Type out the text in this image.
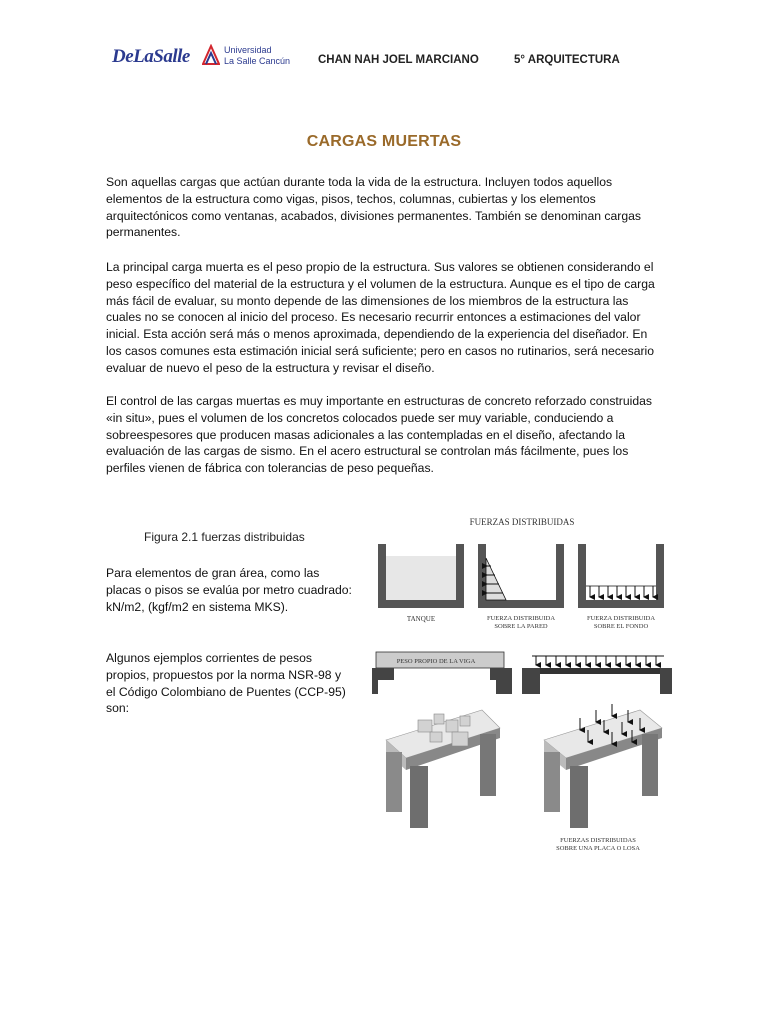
DeLaSalle	Universidad
La Salle Cancún CHAN NAH JOEL MARCIANO	5° ARQUITECTURA
CARGAS MUERTAS

Son aquellas cargas que actúan durante toda la vida de la estructura. Incluyen todos aquellos elementos de la estructura como vigas, pisos, techos, columnas, cubiertas y los elementos arquitectónicos como ventanas, acabados, divisiones permanentes. También se denominan cargas permanentes.

La principal carga muerta es el peso propio de la estructura. Sus valores se obtienen considerando el peso específico del material de la estructura y el volumen de la estructura. Aunque es el tipo de carga más fácil de evaluar, su monto depende de las dimensiones de los miembros de la estructura las cuales no se conocen al inicio del proceso. Es necesario recurrir entonces a estimaciones del valor inicial. Esta acción será más o menos aproximada, dependiendo de la experiencia del diseñador. En los casos comunes esta estimación inicial será suficiente; pero en casos no rutinarios, será necesario evaluar de nuevo el peso de la estructura y revisar el diseño.

El control de las cargas muertas es muy importante en estructuras de concreto reforzado construidas «in situ», pues el volumen de los concretos colocados puede ser muy variable, conduciendo a sobreespesores que producen masas adicionales a las contempladas en el diseño, afectando la evaluación de las cargas de sismo. En el acero estructural se controlan más fácilmente, pues los perfiles vienen de fábrica con tolerancias de peso pequeñas.

Figura 2.1 fuerzas distribuidas

Para elementos de gran área, como las placas o pisos se evalúa por metro cuadrado: kN/m2, (kgf/m2 en sistema MKS).

Algunos ejemplos corrientes de pesos propios, propuestos por la norma NSR-98 y el Código Colombiano de Puentes (CCP-95) son:

FUERZAS DISTRIBUIDAS
TANQUE	FUERZA DISTRIBUIDA
SOBRE LA PARED
FUERZA DISTRIBUIDA
SOBRE EL FONDO
PESO PROPIO DE LA VIGA
FUERZAS DISTRIBUIDAS
SOBRE UNA PLACA O LOSA
